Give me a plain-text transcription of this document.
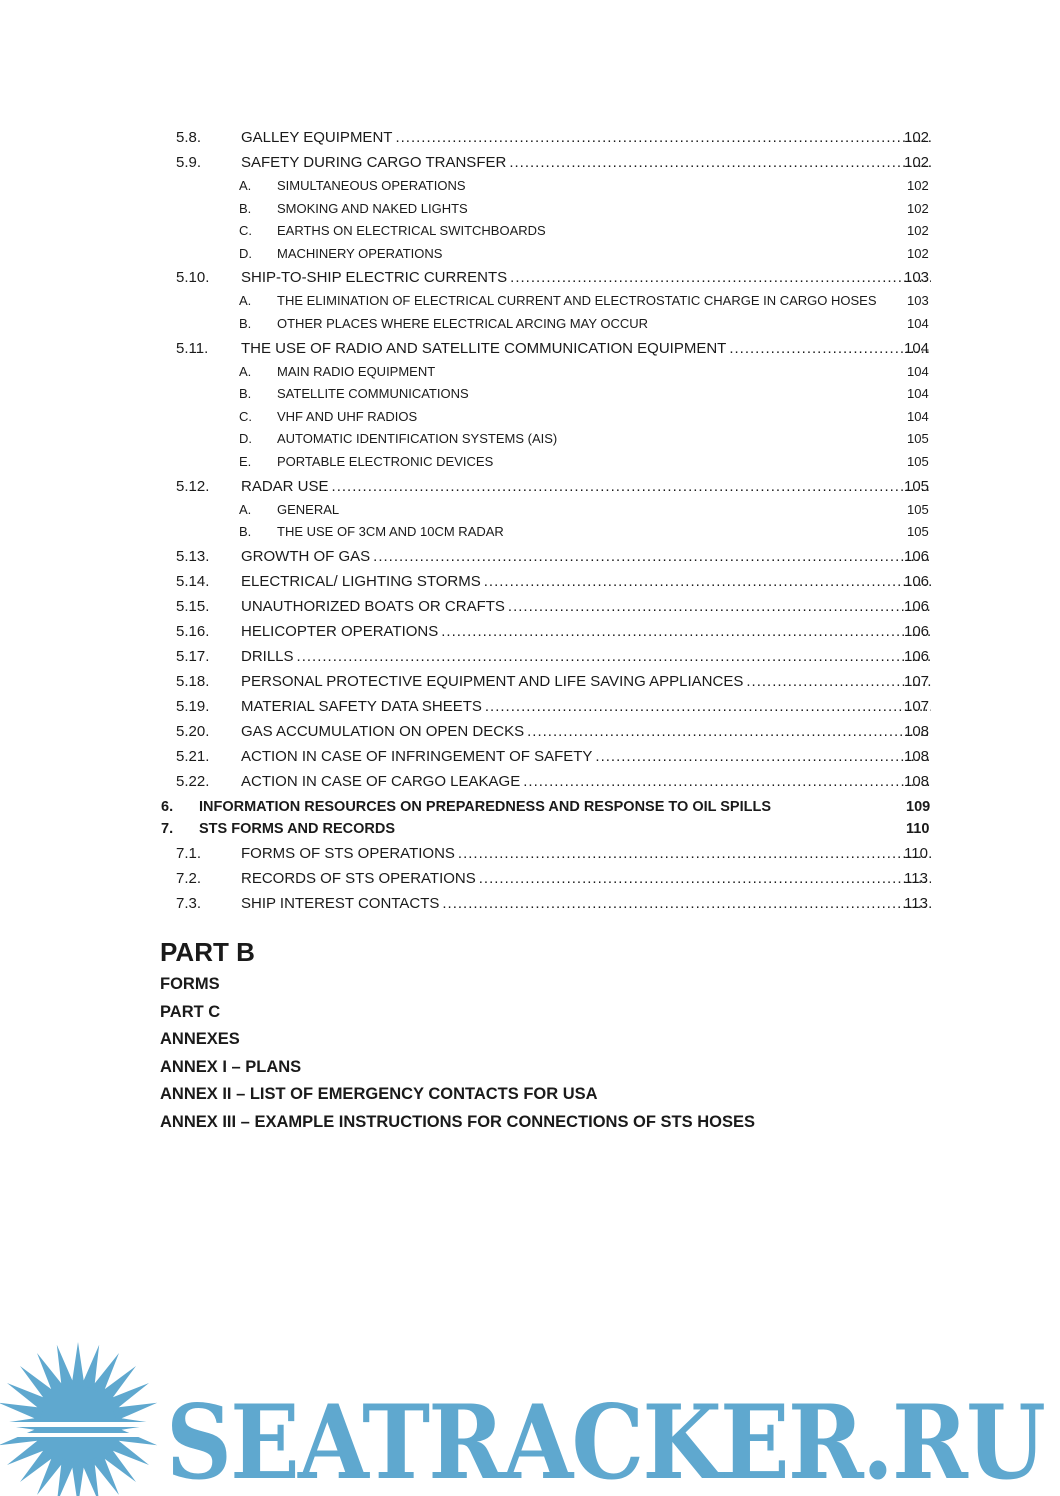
5.8.	GALLEY EQUIPMENT .....	102
5.9.	SAFETY DURING CARGO TRANSFER .....	102
A. SIMULTANEOUS OPERATIONS	102
B. SMOKING AND NAKED LIGHTS	102
C. EARTHS ON ELECTRICAL SWITCHBOARDS	102
D. MACHINERY OPERATIONS	102
5.10. SHIP-TO-SHIP ELECTRIC CURRENTS .....	103
A. THE ELIMINATION OF ELECTRICAL CURRENT AND ELECTROSTATIC CHARGE IN CARGO HOSES 103
B. OTHER PLACES WHERE ELECTRICAL ARCING MAY OCCUR	104
5.11. THE USE OF RADIO AND SATELLITE COMMUNICATION EQUIPMENT .....	104
A. MAIN RADIO EQUIPMENT	104
B. SATELLITE COMMUNICATIONS	104
C. VHF AND UHF RADIOS	104
D. AUTOMATIC IDENTIFICATION SYSTEMS (AIS)	105
E. PORTABLE ELECTRONIC DEVICES	105
5.12. RADAR USE .....	105
A. GENERAL	105
B. THE USE OF 3CM AND 10CM RADAR	105
5.13. GROWTH OF GAS .....	106
5.14. ELECTRICAL/ LIGHTING STORMS .....	106
5.15. UNAUTHORIZED BOATS OR CRAFTS .....	106
5.16. HELICOPTER OPERATIONS .....	106
5.17. DRILLS .....	106
5.18. PERSONAL PROTECTIVE EQUIPMENT AND LIFE SAVING APPLIANCES .....	107
5.19. MATERIAL SAFETY DATA SHEETS .....	107
5.20. GAS ACCUMULATION ON OPEN DECKS .....	108
5.21. ACTION IN CASE OF INFRINGEMENT OF SAFETY .....	108
5.22. ACTION IN CASE OF CARGO LEAKAGE .....	108
6. INFORMATION RESOURCES ON PREPAREDNESS AND RESPONSE TO OIL SPILLS	109
7. STS FORMS AND RECORDS	110
7.1.	FORMS OF STS OPERATIONS .....	110
7.2.	RECORDS OF STS OPERATIONS .....	113
7.3.	SHIP INTEREST CONTACTS .....	113
PART B
FORMS
PART C
ANNEXES
ANNEX I – PLANS
ANNEX II – LIST OF EMERGENCY CONTACTS FOR USA
ANNEX III – EXAMPLE INSTRUCTIONS FOR CONNECTIONS OF STS HOSES
SEATRACKER.RU
